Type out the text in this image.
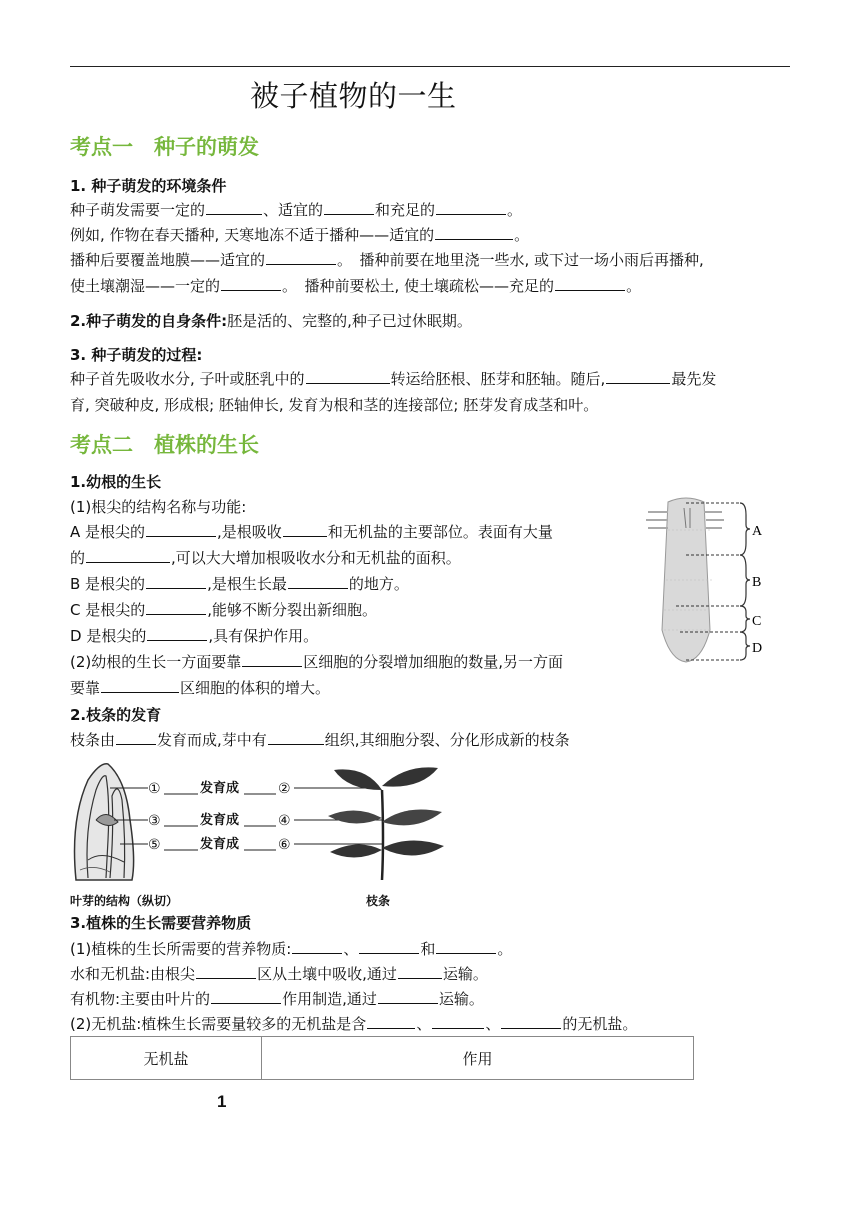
被子植物的一生
考点一　种子的萌发
1. 种子萌发的环境条件
种子萌发需要一定的	、适宜的	和充足的	。
例如, 作物在春天播种, 天寒地冻不适于播种——适宜的	。
播种后要覆盖地膜——适宜的	。　播种前要在地里浇一些水, 或下过一场小雨后再播种,
使土壤潮湿——一定的	。　播种前要松土, 使土壤疏松——充足的	。
2.种子萌发的自身条件:胚是活的、完整的,种子已过休眠期。
3. 种子萌发的过程:
种子首先吸收水分, 子叶或胚乳中的	转运给胚根、胚芽和胚轴。随后,	最先发
育, 突破种皮, 形成根; 胚轴伸长, 发育为根和茎的连接部位; 胚芽发育成茎和叶。
考点二　植株的生长
1.幼根的生长
(1)根尖的结构名称与功能:
A 是根尖的	,是根吸收	和无机盐的主要部位。表面有大量
的	,可以大大增加根吸收水分和无机盐的面积。
B 是根尖的	,是根生长最	的地方。
C 是根尖的	,能够不断分裂出新细胞。
D 是根尖的	,具有保护作用。
(2)幼根的生长一方面要靠	区细胞的分裂增加细胞的数量,另一方面
要靠	区细胞的体积的增大。
A
B
C
D
2.枝条的发育
枝条由	发育而成,芽中有	组织,其细胞分裂、分化形成新的枝条
①
③
⑤
发育成
发育成
发育成
②
④
⑥
叶芽的结构（纵切）	枝条
3.植株的生长需要营养物质
(1)植株的生长所需要的营养物质:	、	和	。
水和无机盐:由根尖	区从土壤中吸收,通过	运输。
有机物:主要由叶片的	作用制造,通过	运输。
(2)无机盐:植株生长需要量较多的无机盐是含	、	、	的无机盐。
无机盐	作用
1
